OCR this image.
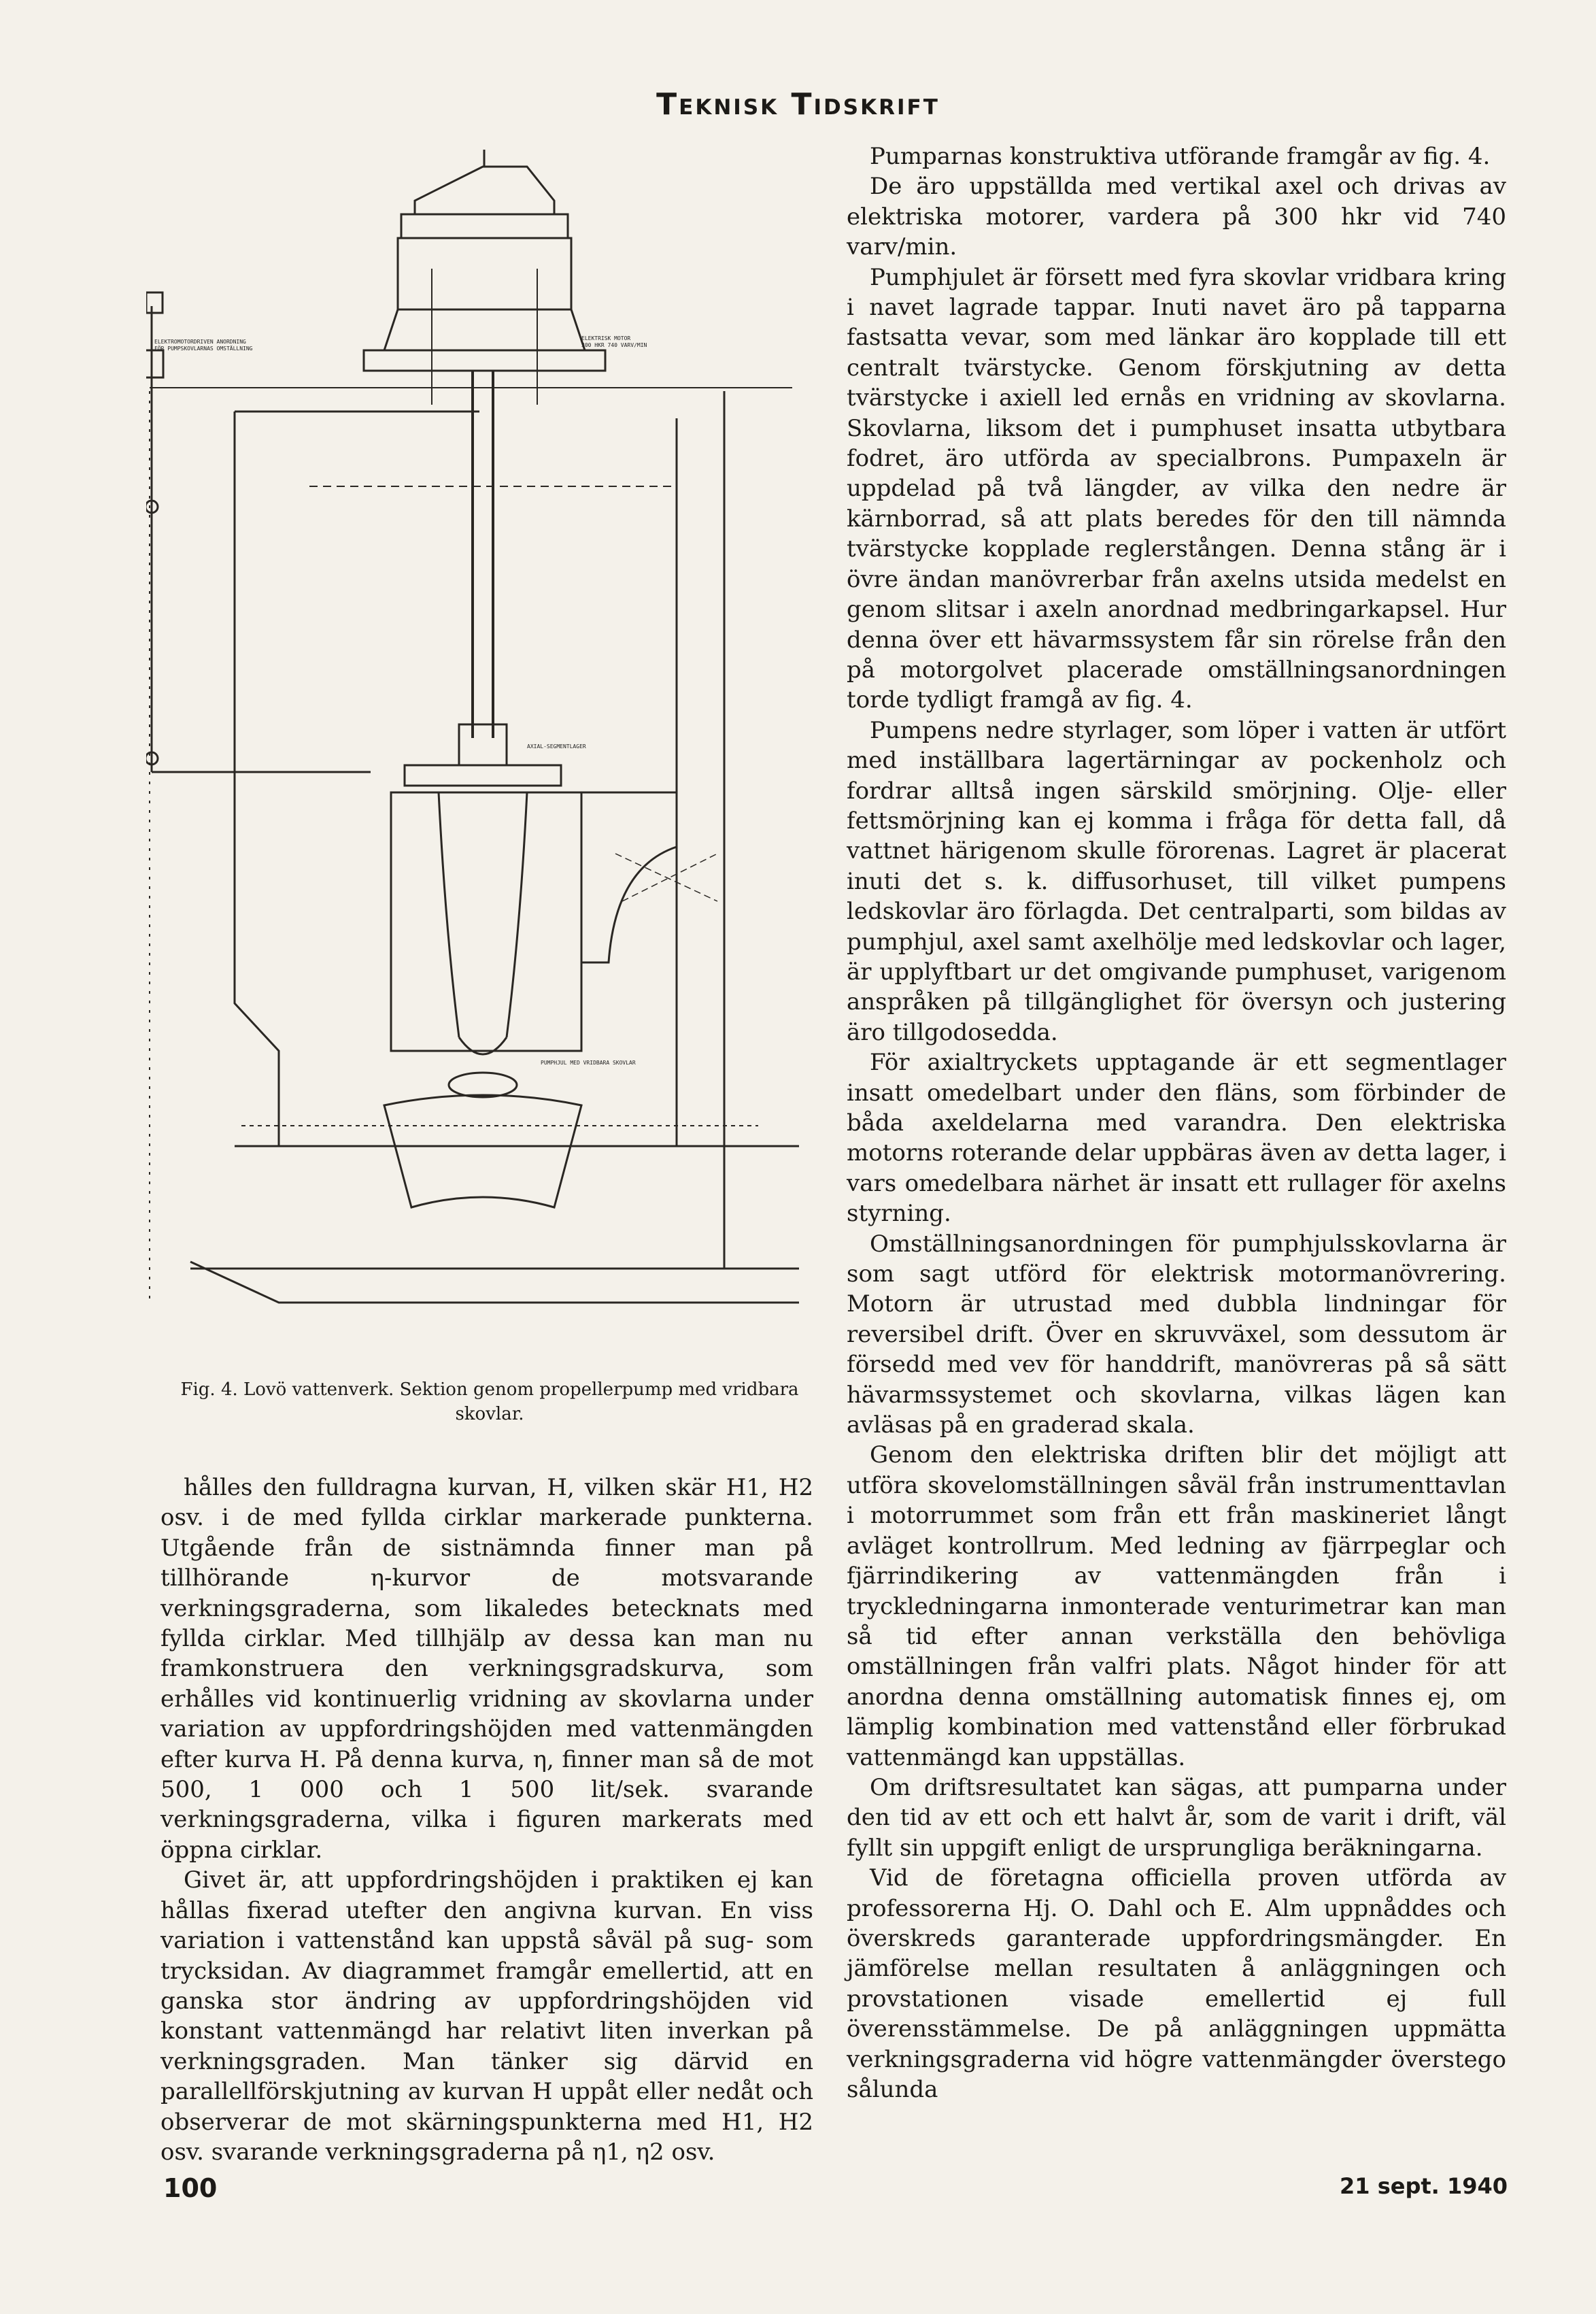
Teknisk Tidskrift
ELEKTROMOTORDRIVEN ANORDNING
FÖR PUMPSKOVLARNAS OMSTÄLLNING
ELEKTRISK MOTOR
300 HKR 740 VARV/MIN
AXIAL-SEGMENTLAGER
PUMPHJUL MED VRIDBARA SKOVLAR
Fig. 4. Lovö vattenverk. Sektion genom propellerpump med vridbara skovlar.

hålles den fulldragna kurvan, H, vilken skär H1, H2 osv. i de med fyllda cirklar markerade punkterna. Utgående från de sistnämnda finner man på tillhörande η-kurvor de motsvarande verkningsgraderna, som likaledes betecknats med fyllda cirklar. Med tillhjälp av dessa kan man nu framkonstruera den verkningsgradskurva, som erhålles vid kontinuerlig vridning av skovlarna under variation av uppfordringshöjden med vattenmängden efter kurva H. På denna kurva, η, finner man så de mot 500, 1 000 och 1 500 lit/sek. svarande verkningsgraderna, vilka i figuren markerats med öppna cirklar.

Givet är, att uppfordringshöjden i praktiken ej kan hållas fixerad utefter den angivna kurvan. En viss variation i vattenstånd kan uppstå såväl på sug- som trycksidan. Av diagrammet framgår emellertid, att en ganska stor ändring av uppfordringshöjden vid konstant vattenmängd har relativt liten inverkan på verkningsgraden. Man tänker sig därvid en parallellförskjutning av kurvan H uppåt eller nedåt och observerar de mot skärningspunkterna med H1, H2 osv. svarande verkningsgraderna på η1, η2 osv.

Pumparnas konstruktiva utförande framgår av fig. 4.

De äro uppställda med vertikal axel och drivas av elektriska motorer, vardera på 300 hkr vid 740 varv/min.

Pumphjulet är försett med fyra skovlar vridbara kring i navet lagrade tappar. Inuti navet äro på tapparna fastsatta vevar, som med länkar äro kopplade till ett centralt tvärstycke. Genom förskjutning av detta tvärstycke i axiell led ernås en vridning av skovlarna. Skovlarna, liksom det i pumphuset insatta utbytbara fodret, äro utförda av specialbrons. Pumpaxeln är uppdelad på två längder, av vilka den nedre är kärnborrad, så att plats beredes för den till nämnda tvärstycke kopplade reglerstången. Denna stång är i övre ändan manövrerbar från axelns utsida medelst en genom slitsar i axeln anordnad medbringarkapsel. Hur denna över ett hävarmssystem får sin rörelse från den på motorgolvet placerade omställningsanordningen torde tydligt framgå av fig. 4.

Pumpens nedre styrlager, som löper i vatten är utfört med inställbara lagertärningar av pockenholz och fordrar alltså ingen särskild smörjning. Olje- eller fettsmörjning kan ej komma i fråga för detta fall, då vattnet härigenom skulle förorenas. Lagret är placerat inuti det s. k. diffusorhuset, till vilket pumpens ledskovlar äro förlagda. Det centralparti, som bildas av pumphjul, axel samt axelhölje med ledskovlar och lager, är upplyftbart ur det omgivande pumphuset, varigenom anspråken på tillgänglighet för översyn och justering äro tillgodosedda.

För axialtryckets upptagande är ett segmentlager insatt omedelbart under den fläns, som förbinder de båda axeldelarna med varandra. Den elektriska motorns roterande delar uppbäras även av detta lager, i vars omedelbara närhet är insatt ett rullager för axelns styrning.

Omställningsanordningen för pumphjulsskovlarna är som sagt utförd för elektrisk motormanövrering. Motorn är utrustad med dubbla lindningar för reversibel drift. Över en skruvväxel, som dessutom är försedd med vev för handdrift, manövreras på så sätt hävarmssystemet och skovlarna, vilkas lägen kan avläsas på en graderad skala.

Genom den elektriska driften blir det möjligt att utföra skovelomställningen såväl från instrumenttavlan i motorrummet som från ett från maskineriet långt avläget kontrollrum. Med ledning av fjärrpeglar och fjärrindikering av vattenmängden från i tryckledningarna inmonterade venturimetrar kan man så tid efter annan verkställa den behövliga omställningen från valfri plats. Något hinder för att anordna denna omställning automatisk finnes ej, om lämplig kombination med vattenstånd eller förbrukad vattenmängd kan uppställas.

Om driftsresultatet kan sägas, att pumparna under den tid av ett och ett halvt år, som de varit i drift, väl fyllt sin uppgift enligt de ursprungliga beräkningarna.

Vid de företagna officiella proven utförda av professorerna Hj. O. Dahl och E. Alm uppnåddes och överskreds garanterade uppfordringsmängder. En jämförelse mellan resultaten å anläggningen och provstationen visade emellertid ej full överensstämmelse. De på anläggningen uppmätta verkningsgraderna vid högre vattenmängder överstego sålunda

100	21 sept. 1940
